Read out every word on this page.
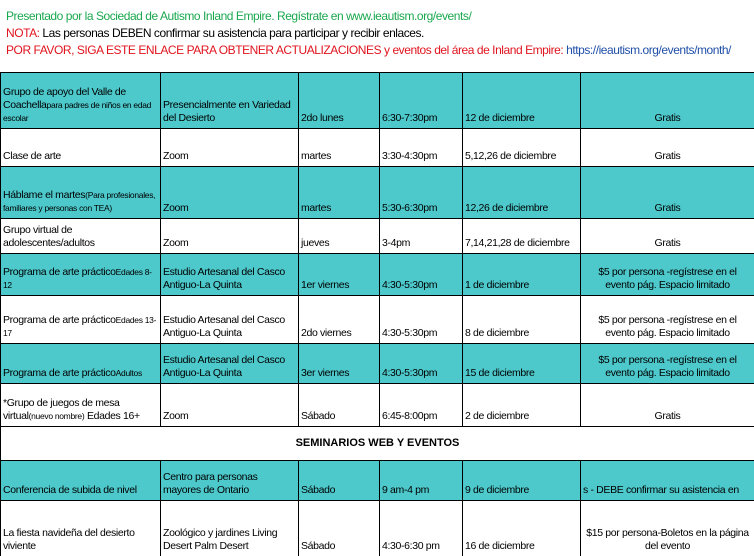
Presentado por la Sociedad de Autismo Inland Empire. Regístrate en www.ieautism.org/events/

NOTA: Las personas DEBEN confirmar su asistencia para participar y recibir enlaces.

POR FAVOR, SIGA ESTE ENLACE PARA OBTENER ACTUALIZACIONES y eventos del área de Inland Empire: https://ieautism.org/events/month/

Grupo de apoyo del Valle de Coachellapara padres de niños en edad escolar	Presencialmente en Variedad del Desierto	2do lunes	6:30-7:30pm	12 de diciembre	Gratis
Clase de arte	Zoom	martes	3:30-4:30pm	5,12,26 de diciembre	Gratis
Háblame el martes(Para profesionales, familiares y personas con TEA)	Zoom	martes	5:30-6:30pm	12,26 de diciembre	Gratis
Grupo virtual de adolescentes/adultos	Zoom	jueves	3-4pm	7,14,21,28 de diciembre	Gratis
Programa de arte prácticoEdades 8-12	Estudio Artesanal del Casco Antiguo-La Quinta	1er viernes	4:30-5:30pm	1 de diciembre	$5 por persona -regístrese en el evento pág. Espacio limitado
Programa de arte prácticoEdades 13-17	Estudio Artesanal del Casco Antiguo-La Quinta	2do viernes	4:30-5:30pm	8 de diciembre	$5 por persona -regístrese en el evento pág. Espacio limitado
Programa de arte prácticoAdultos	Estudio Artesanal del Casco Antiguo-La Quinta	3er viernes	4:30-5:30pm	15 de diciembre	$5 por persona -regístrese en el evento pág. Espacio limitado
*Grupo de juegos de mesa virtual(nuevo nombre) Edades 16+	Zoom	Sábado	6:45-8:00pm	2 de diciembre	Gratis
SEMINARIOS WEB Y EVENTOS					
Conferencia de subida de nivel	Centro para personas mayores de Ontario	Sábado	9 am-4 pm	9 de diciembre	s - DEBE confirmar su asistencia en
La fiesta navideña del desierto viviente	Zoológico y jardines Living Desert Palm Desert	Sábado	4:30-6:30 pm	16 de diciembre	$15 por persona-Boletos en la página del evento
